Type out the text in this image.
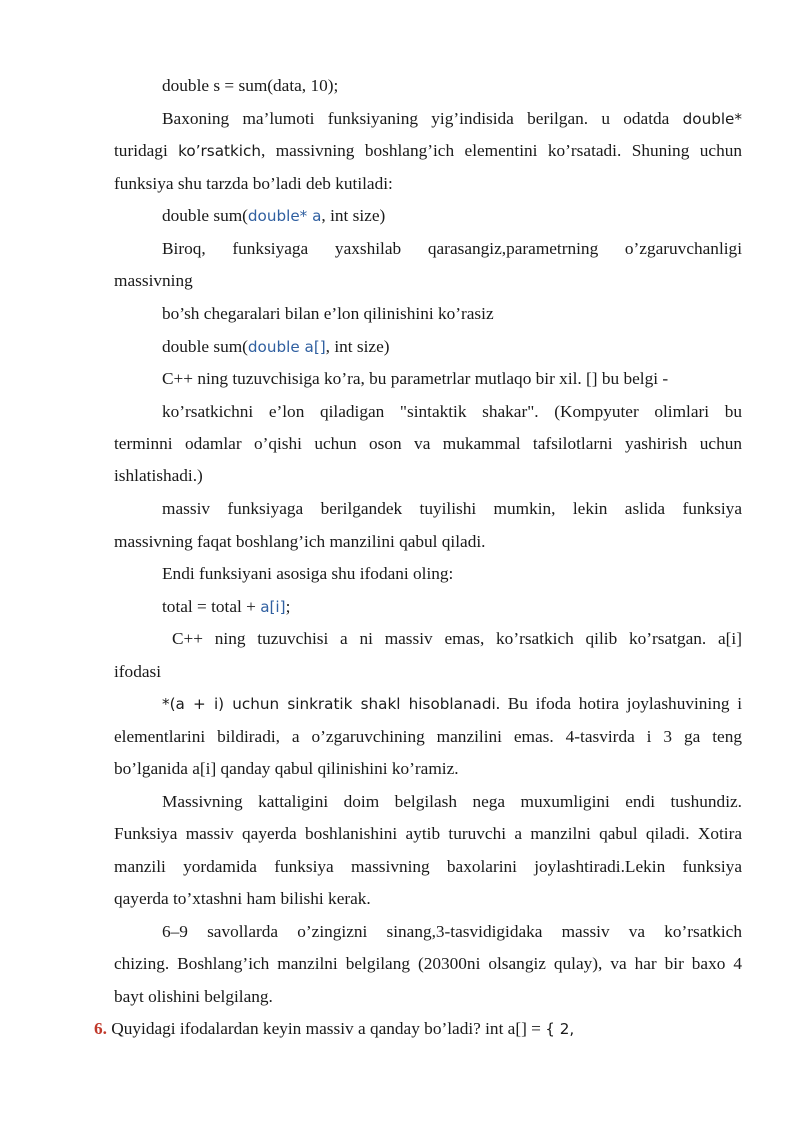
double s = sum(data, 10);
Baxoning ma’lumoti funksiyaning yig’indisida berilgan. u odatda double*
turidagi ko’rsatkich, massivning boshlang’ich elementini ko’rsatadi. Shuning uchun
funksiya shu tarzda bo’ladi deb kutiladi:
double sum(double* a, int size)
Biroq, funksiyaga yaxshilab qarasangiz,parametrning o’zgaruvchanligi
massivning
bo’sh chegaralari bilan e’lon qilinishini ko’rasiz
double sum(double a[], int size)
C++ ning tuzuvchisiga ko’ra, bu parametrlar mutlaqo bir xil. [] bu belgi -
ko’rsatkichni e’lon qiladigan "sintaktik shakar". (Kompyuter olimlari bu
terminni odamlar o’qishi uchun oson va mukammal tafsilotlarni yashirish uchun
ishlatishadi.)
massiv funksiyaga berilgandek tuyilishi mumkin, lekin aslida funksiya
massivning faqat boshlang’ich manzilini qabul qiladi.
Endi funksiyani asosiga shu ifodani oling:
total = total + a[i];
C++ ning tuzuvchisi a ni massiv emas, ko’rsatkich qilib ko’rsatgan. a[i]
ifodasi
*(a + i) uchun sinkratik shakl hisoblanadi. Bu ifoda hotira joylashuvining i
elementlarini bildiradi, a o’zgaruvchining manzilini emas. 4-tasvirda i 3 ga teng
bo’lganida a[i] qanday qabul qilinishini ko’ramiz.
Massivning kattaligini doim belgilash nega muxumligini endi tushundiz.
Funksiya massiv qayerda boshlanishini aytib turuvchi a manzilni qabul qiladi. Xotira
manzili yordamida funksiya massivning baxolarini joylashtiradi.Lekin funksiya
qayerda to’xtashni ham bilishi kerak.
6–9 savollarda o’zingizni sinang,3-tasvidigidaka massiv va ko’rsatkich
chizing. Boshlang’ich manzilni belgilang (20300ni olsangiz qulay), va har bir baxo 4
bayt olishini belgilang.
6. Quyidagi ifodalardan keyin massiv a qanday bo’ladi? int a[] = { 2,
